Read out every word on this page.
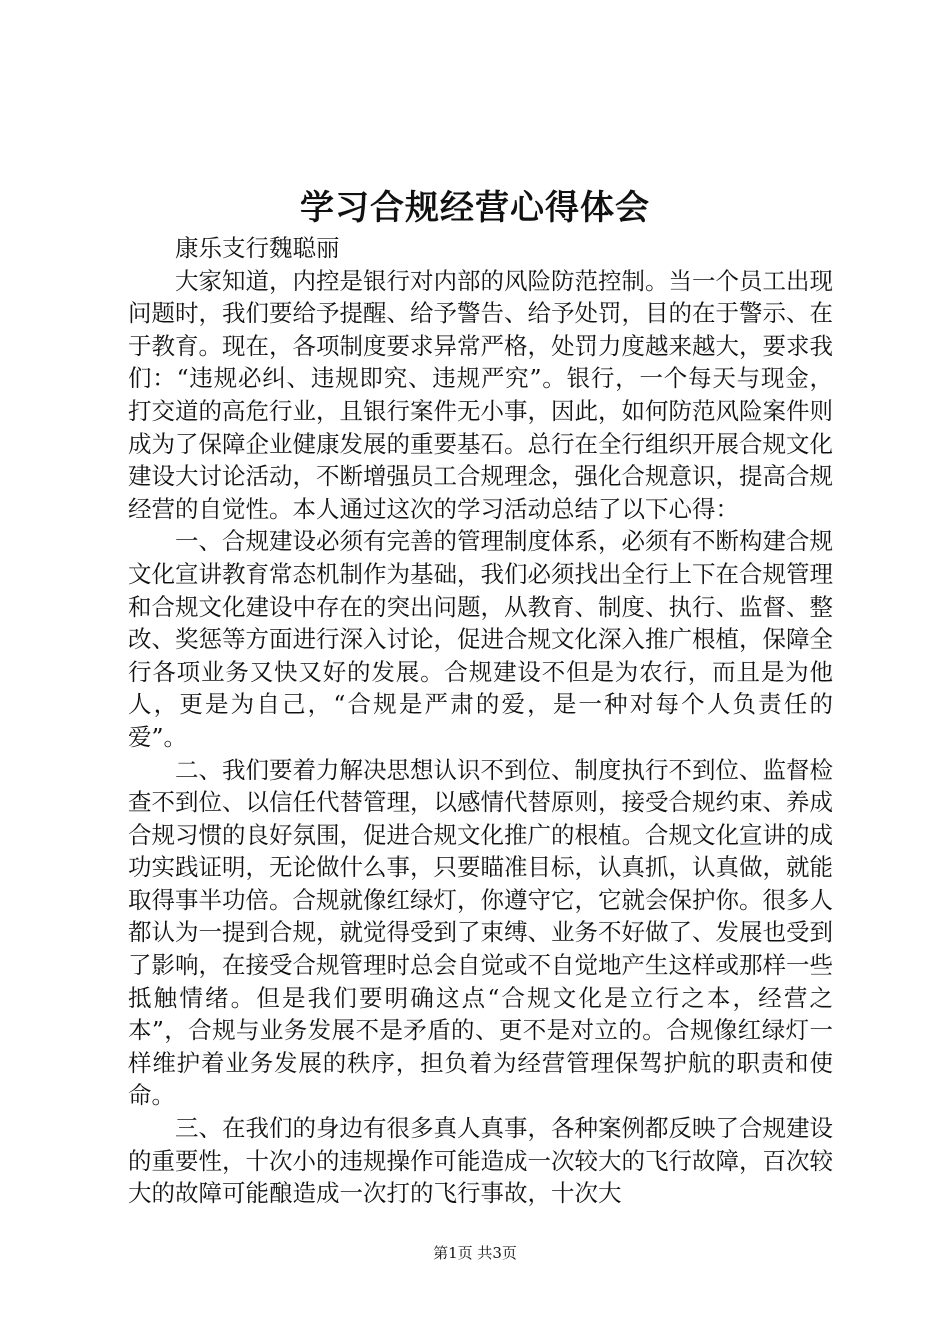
学习合规经营心得体会

康乐支行魏聪丽

大家知道，内控是银行对内部的风险防范控制。当一个员工出现问题时，我们要给予提醒、给予警告、给予处罚，目的在于警示、在于教育。现在，各项制度要求异常严格，处罚力度越来越大，要求我们：“违规必纠、违规即究、违规严究”。银行，一个每天与现金，打交道的高危行业，且银行案件无小事，因此，如何防范风险案件则成为了保障企业健康发展的重要基石。总行在全行组织开展合规文化建设大讨论活动，不断增强员工合规理念，强化合规意识，提高合规经营的自觉性。本人通过这次的学习活动总结了以下心得：

一、合规建设必须有完善的管理制度体系，必须有不断构建合规文化宣讲教育常态机制作为基础，我们必须找出全行上下在合规管理和合规文化建设中存在的突出问题，从教育、制度、执行、监督、整改、奖惩等方面进行深入讨论，促进合规文化深入推广根植，保障全行各项业务又快又好的发展。合规建设不但是为农行，而且是为他人，更是为自己，“合规是严肃的爱，是一种对每个人负责任的爱”。

二、我们要着力解决思想认识不到位、制度执行不到位、监督检查不到位、以信任代替管理，以感情代替原则，接受合规约束、养成合规习惯的良好氛围，促进合规文化推广的根植。合规文化宣讲的成功实践证明，无论做什么事，只要瞄准目标，认真抓，认真做，就能取得事半功倍。合规就像红绿灯，你遵守它，它就会保护你。很多人都认为一提到合规，就觉得受到了束缚、业务不好做了、发展也受到了影响，在接受合规管理时总会自觉或不自觉地产生这样或那样一些抵触情绪。但是我们要明确这点“合规文化是立行之本，经营之本”，合规与业务发展不是矛盾的、更不是对立的。合规像红绿灯一样维护着业务发展的秩序，担负着为经营管理保驾护航的职责和使命。

三、在我们的身边有很多真人真事，各种案例都反映了合规建设的重要性，十次小的违规操作可能造成一次较大的飞行故障，百次较大的故障可能酿造成一次打的飞行事故，十次大

第1页 共3页
